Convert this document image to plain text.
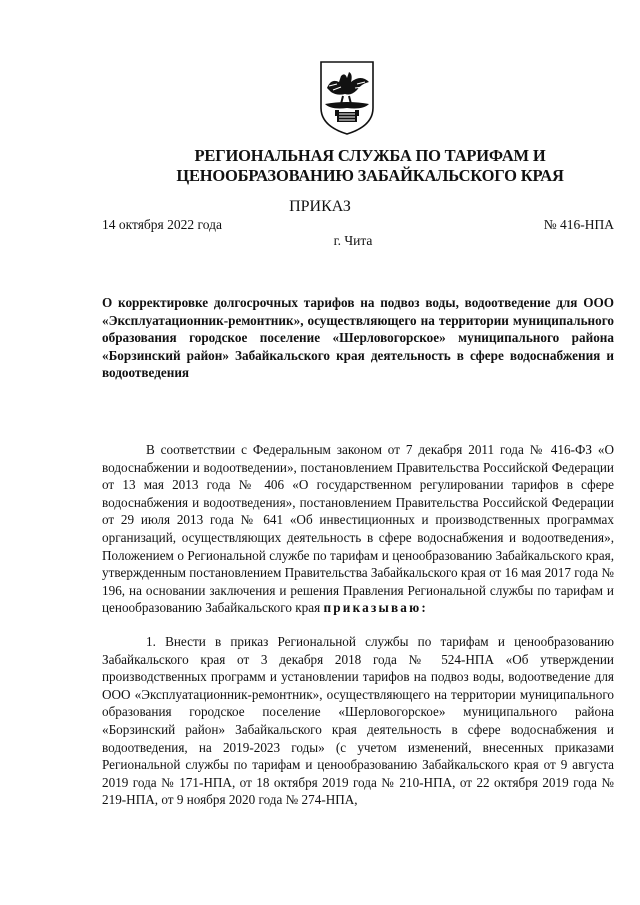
РЕГИОНАЛЬНАЯ СЛУЖБА ПО ТАРИФАМ И
ЦЕНООБРАЗОВАНИЮ ЗАБАЙКАЛЬСКОГО КРАЯ
ПРИКАЗ
14 октября 2022 года	№ 416-НПА
г. Чита
О корректировке долгосрочных тарифов на подвоз воды, водоотведение для ООО «Эксплуатационник-ремонтник», осуществляющего на территории муниципального образования городское поселение «Шерловогорское» муниципального района «Борзинский район» Забайкальского края деятельность в сфере водоснабжения и водоотведения
В соответствии с Федеральным законом от 7 декабря 2011 года № 416-ФЗ «О водоснабжении и водоотведении», постановлением Правительства Российской Федерации от 13 мая 2013 года № 406 «О государственном регулировании тарифов в сфере водоснабжения и водоотведения», постановлением Правительства Российской Федерации от 29 июля 2013 года № 641 «Об инвестиционных и производственных программах организаций, осуществляющих деятельность в сфере водоснабжения и водоотведения», Положением о Региональной службе по тарифам и ценообразованию Забайкальского края, утвержденным постановлением Правительства Забайкальского края от 16 мая 2017 года № 196, на основании заключения и решения Правления Региональной службы по тарифам и ценообразованию Забайкальского края приказываю:
1. Внести в приказ Региональной службы по тарифам и ценообразованию Забайкальского края от 3 декабря 2018 года № 524-НПА «Об утверждении производственных программ и установлении тарифов на подвоз воды, водоотведение для ООО «Эксплуатационник-ремонтник», осуществляющего на территории муниципального образования городское поселение «Шерловогорское» муниципального района «Борзинский район» Забайкальского края деятельность в сфере водоснабжения и водоотведения, на 2019-2023 годы» (с учетом изменений, внесенных приказами Региональной службы по тарифам и ценообразованию Забайкальского края от 9 августа 2019 года № 171-НПА, от 18 октября 2019 года № 210-НПА, от 22 октября 2019 года № 219-НПА, от 9 ноября 2020 года № 274-НПА,
